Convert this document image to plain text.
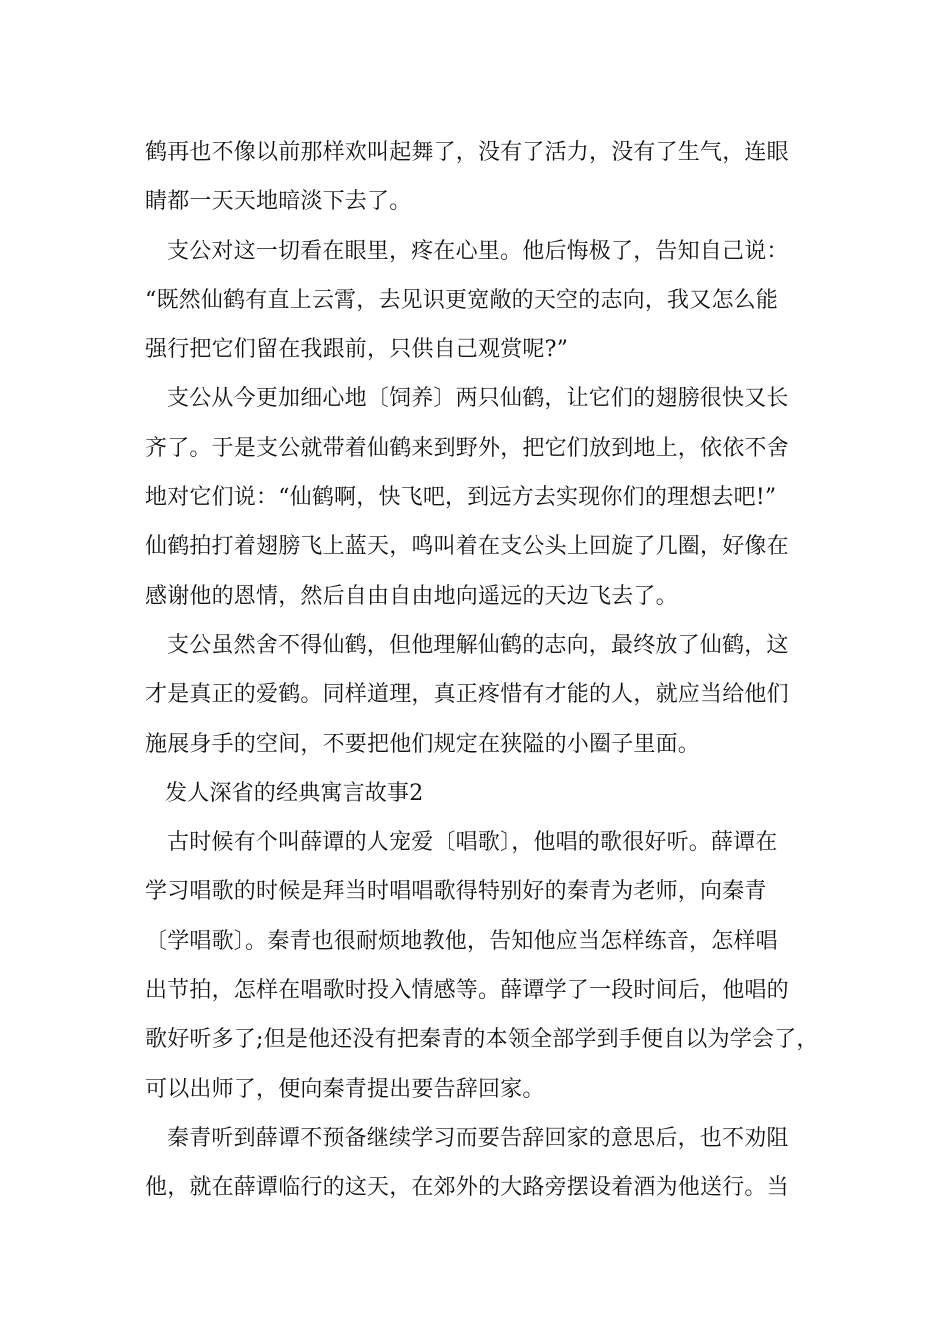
鹤再也不像以前那样欢叫起舞了，没有了活力，没有了生气，连眼
睛都一天天地暗淡下去了。
支公对这一切看在眼里，疼在心里。他后悔极了，告知自己说：
“既然仙鹤有直上云霄，去见识更宽敞的天空的志向，我又怎么能
强行把它们留在我跟前，只供自己观赏呢?”
支公从今更加细心地〔饲养〕两只仙鹤，让它们的翅膀很快又长
齐了。于是支公就带着仙鹤来到野外，把它们放到地上，依依不舍
地对它们说：“仙鹤啊，快飞吧，到远方去实现你们的理想去吧!”
仙鹤拍打着翅膀飞上蓝天，鸣叫着在支公头上回旋了几圈，好像在
感谢他的恩情，然后自由自由地向遥远的天边飞去了。
支公虽然舍不得仙鹤，但他理解仙鹤的志向，最终放了仙鹤，这
才是真正的爱鹤。同样道理，真正疼惜有才能的人，就应当给他们
施展身手的空间，不要把他们规定在狭隘的小圈子里面。
发人深省的经典寓言故事2
古时候有个叫薛谭的人宠爱〔唱歌〕，他唱的歌很好听。薛谭在
学习唱歌的时候是拜当时唱唱歌得特别好的秦青为老师，向秦青
〔学唱歌〕。秦青也很耐烦地教他，告知他应当怎样练音，怎样唱
出节拍，怎样在唱歌时投入情感等。薛谭学了一段时间后，他唱的
歌好听多了;但是他还没有把秦青的本领全部学到手便自以为学会了，
可以出师了，便向秦青提出要告辞回家。
秦青听到薛谭不预备继续学习而要告辞回家的意思后，也不劝阻
他，就在薛谭临行的这天，在郊外的大路旁摆设着酒为他送行。当
